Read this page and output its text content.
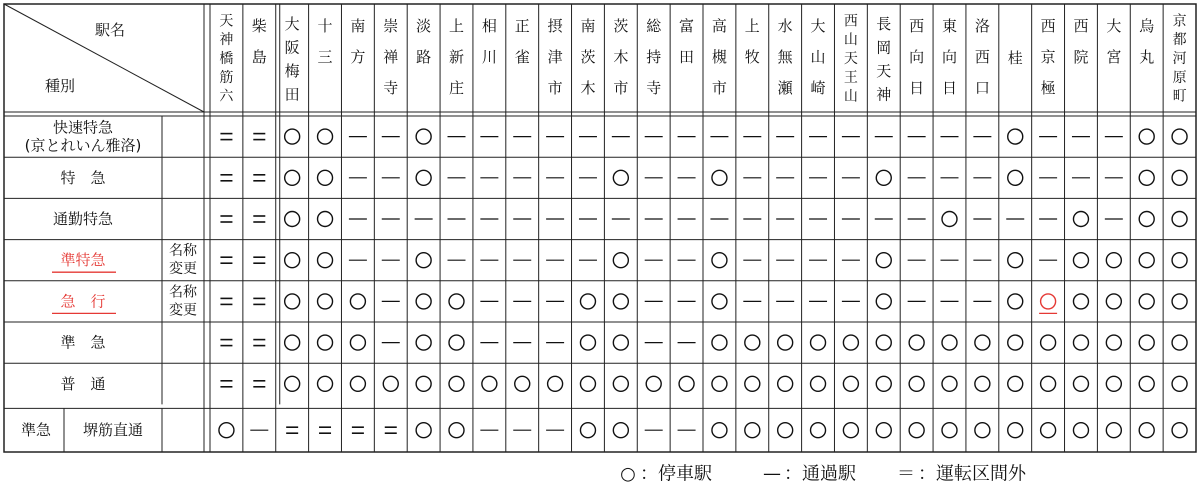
駅名
種別
天
神
橋
筋
六
柴
島
大
阪
梅
田
十
三
南
方
崇
禅
寺
淡
路
上
新
庄
相
川
正
雀
摂
津
市
南
茨
木
茨
木
市
総
持
寺
富
田
高
槻
市
上
牧
水
無
瀬
大
山
崎
西
山
天
王
山
長
岡
天
神
西
向
日
東
向
日
洛
西
口
桂
西
京
極
西
院
大
宮
烏
丸
京
都
河
原
町
快速特急
(京とれいん雅洛)
特　急
通勤特急
準特急
名称
変更
急　行	名称
変更
準　急
普　通
準急 堺筋直通
○ ：停車駅	— ：通過駅 ＝ ：運転区間外
